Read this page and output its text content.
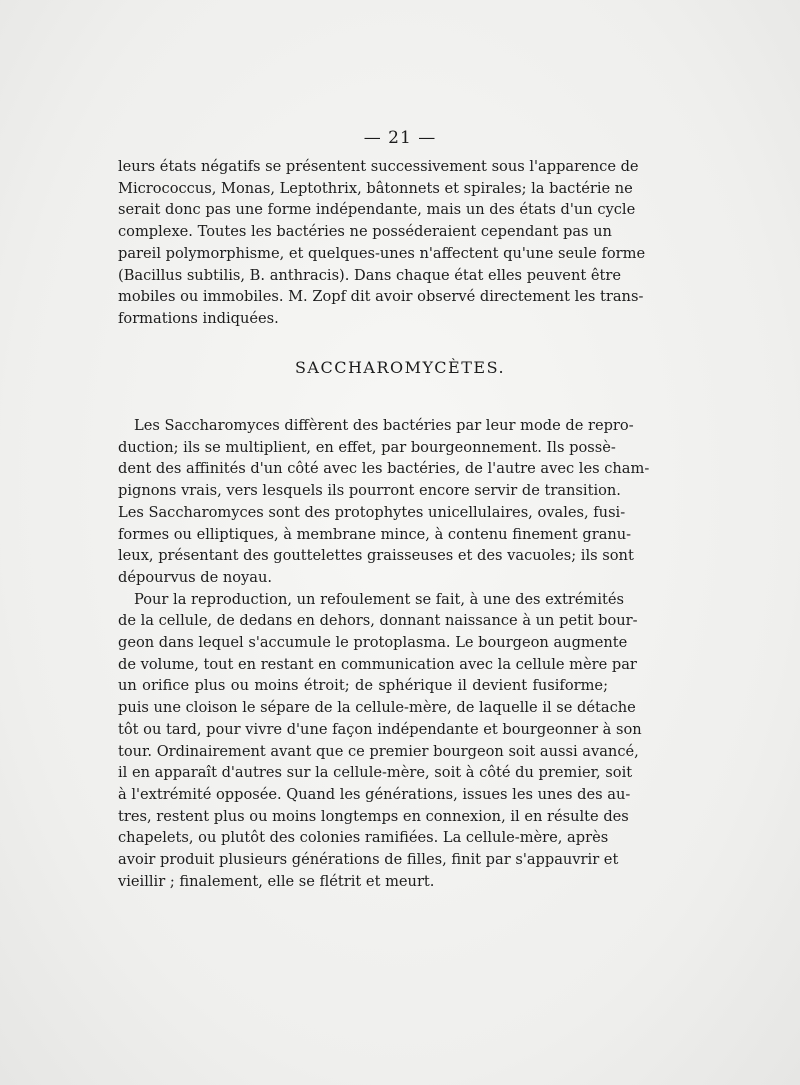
— 21 —
leurs états négatifs se présentent successivement sous l'apparence de
Micrococcus, Monas, Leptothrix, bâtonnets et spirales; la bactérie ne
serait donc pas une forme indépendante, mais un des états d'un cycle
complexe. Toutes les bactéries ne posséderaient cependant pas un
pareil polymorphisme, et quelques-unes n'affectent qu'une seule forme
(Bacillus subtilis, B. anthracis). Dans chaque état elles peuvent être
mobiles ou immobiles. M. Zopf dit avoir observé directement les trans-
formations indiquées.
SACCHAROMYCÈTES.
Les Saccharomyces diffèrent des bactéries par leur mode de repro-
duction; ils se multiplient, en effet, par bourgeonnement. Ils possè-
dent des affinités d'un côté avec les bactéries, de l'autre avec les cham-
pignons vrais, vers lesquels ils pourront encore servir de transition.
Les Saccharomyces sont des protophytes unicellulaires, ovales, fusi-
formes ou elliptiques, à membrane mince, à contenu finement granu-
leux, présentant des gouttelettes graisseuses et des vacuoles; ils sont
dépourvus de noyau.
Pour la reproduction, un refoulement se fait, à une des extrémités
de la cellule, de dedans en dehors, donnant naissance à un petit bour-
geon dans lequel s'accumule le protoplasma. Le bourgeon augmente
de volume, tout en restant en communication avec la cellule mère par
un orifice plus ou moins étroit; de sphérique il devient fusiforme;
puis une cloison le sépare de la cellule-mère, de laquelle il se détache
tôt ou tard, pour vivre d'une façon indépendante et bourgeonner à son
tour. Ordinairement avant que ce premier bourgeon soit aussi avancé,
il en apparaît d'autres sur la cellule-mère, soit à côté du premier, soit
à l'extrémité opposée. Quand les générations, issues les unes des au-
tres, restent plus ou moins longtemps en connexion, il en résulte des
chapelets, ou plutôt des colonies ramifiées. La cellule-mère, après
avoir produit plusieurs générations de filles, finit par s'appauvrir et
vieillir ; finalement, elle se flétrit et meurt.
